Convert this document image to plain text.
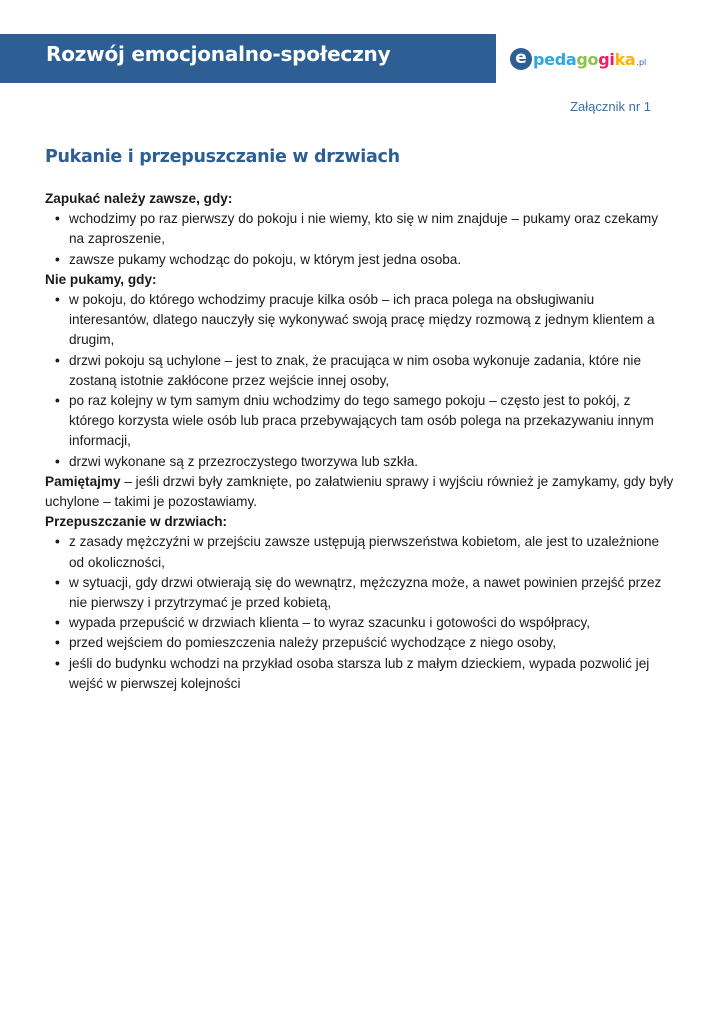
Rozwój emocjonalno-społeczny	e pedagogika .pl
Załącznik nr 1
Pukanie i przepuszczanie w drzwiach

Zapukać należy zawsze, gdy:

• wchodzimy po raz pierwszy do pokoju i nie wiemy, kto się w nim znajduje – pukamy oraz czekamy na zaproszenie,
• zawsze pukamy wchodząc do pokoju, w którym jest jedna osoba.

Nie pukamy, gdy:

• w pokoju, do którego wchodzimy pracuje kilka osób – ich praca polega na obsługiwaniu interesantów, dlatego nauczyły się wykonywać swoją pracę między rozmową z jednym klientem a drugim,
• drzwi pokoju są uchylone – jest to znak, że pracująca w nim osoba wykonuje zadania, które nie zostaną istotnie zakłócone przez wejście innej osoby,
• po raz kolejny w tym samym dniu wchodzimy do tego samego pokoju – często jest to pokój, z którego korzysta wiele osób lub praca przebywających tam osób polega na przekazywaniu innym informacji,
• drzwi wykonane są z przezroczystego tworzywa lub szkła.

Pamiętajmy – jeśli drzwi były zamknięte, po załatwieniu sprawy i wyjściu również je zamykamy, gdy były uchylone – takimi je pozostawiamy.

Przepuszczanie w drzwiach:

• z zasady mężczyźni w przejściu zawsze ustępują pierwszeństwa kobietom, ale jest to uzależnione od okoliczności,
• w sytuacji, gdy drzwi otwierają się do wewnątrz, mężczyzna może, a nawet powinien przejść przez nie pierwszy i przytrzymać je przed kobietą,
• wypada przepuścić w drzwiach klienta – to wyraz szacunku i gotowości do współpracy,
• przed wejściem do pomieszczenia należy przepuścić wychodzące z niego osoby,
• jeśli do budynku wchodzi na przykład osoba starsza lub z małym dzieckiem, wypada pozwolić jej wejść w pierwszej kolejności
